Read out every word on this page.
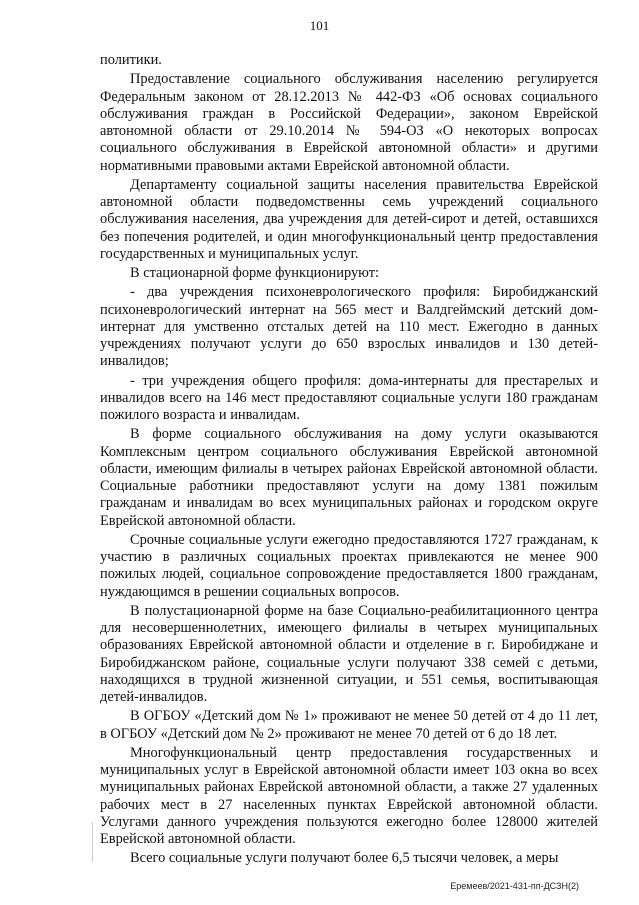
101

политики.

Предоставление социального обслуживания населению регулируется Федеральным законом от 28.12.2013 № 442-ФЗ «Об основах социального обслуживания граждан в Российской Федерации», законом Еврейской автономной области от 29.10.2014 № 594-ОЗ «О некоторых вопросах социального обслуживания в Еврейской автономной области» и другими нормативными правовыми актами Еврейской автономной области.

Департаменту социальной защиты населения правительства Еврейской автономной области подведомственны семь учреждений социального обслуживания населения, два учреждения для детей-сирот и детей, оставшихся без попечения родителей, и один многофункциональный центр предоставления государственных и муниципальных услуг.

В стационарной форме функционируют:

- два учреждения психоневрологического профиля: Биробиджанский психоневрологический интернат на 565 мест и Валдгеймский детский дом-интернат для умственно отсталых детей на 110 мест. Ежегодно в данных учреждениях получают услуги до 650 взрослых инвалидов и 130 детей-инвалидов;

- три учреждения общего профиля: дома-интернаты для престарелых и инвалидов всего на 146 мест предоставляют социальные услуги 180 гражданам пожилого возраста и инвалидам.

В форме социального обслуживания на дому услуги оказываются Комплексным центром социального обслуживания Еврейской автономной области, имеющим филиалы в четырех районах Еврейской автономной области. Социальные работники предоставляют услуги на дому 1381 пожилым гражданам и инвалидам во всех муниципальных районах и городском округе Еврейской автономной области.

Срочные социальные услуги ежегодно предоставляются 1727 гражданам, к участию в различных социальных проектах привлекаются не менее 900 пожилых людей, социальное сопровождение предоставляется 1800 гражданам, нуждающимся в решении социальных вопросов.

В полустационарной форме на базе Социально-реабилитационного центра для несовершеннолетних, имеющего филиалы в четырех муниципальных образованиях Еврейской автономной области и отделение в г. Биробиджане и Биробиджанском районе, социальные услуги получают 338 семей с детьми, находящихся в трудной жизненной ситуации, и 551 семья, воспитывающая детей-инвалидов.

В ОГБОУ «Детский дом № 1» проживают не менее 50 детей от 4 до 11 лет, в ОГБОУ «Детский дом № 2» проживают не менее 70 детей от 6 до 18 лет.

Многофункциональный центр предоставления государственных и муниципальных услуг в Еврейской автономной области имеет 103 окна во всех муниципальных районах Еврейской автономной области, а также 27 удаленных рабочих мест в 27 населенных пунктах Еврейской автономной области. Услугами данного учреждения пользуются ежегодно более 128000 жителей Еврейской автономной области.

Всего социальные услуги получают более 6,5 тысячи человек, а меры

Еремеев/2021-431-пп-ДСЗН(2)
